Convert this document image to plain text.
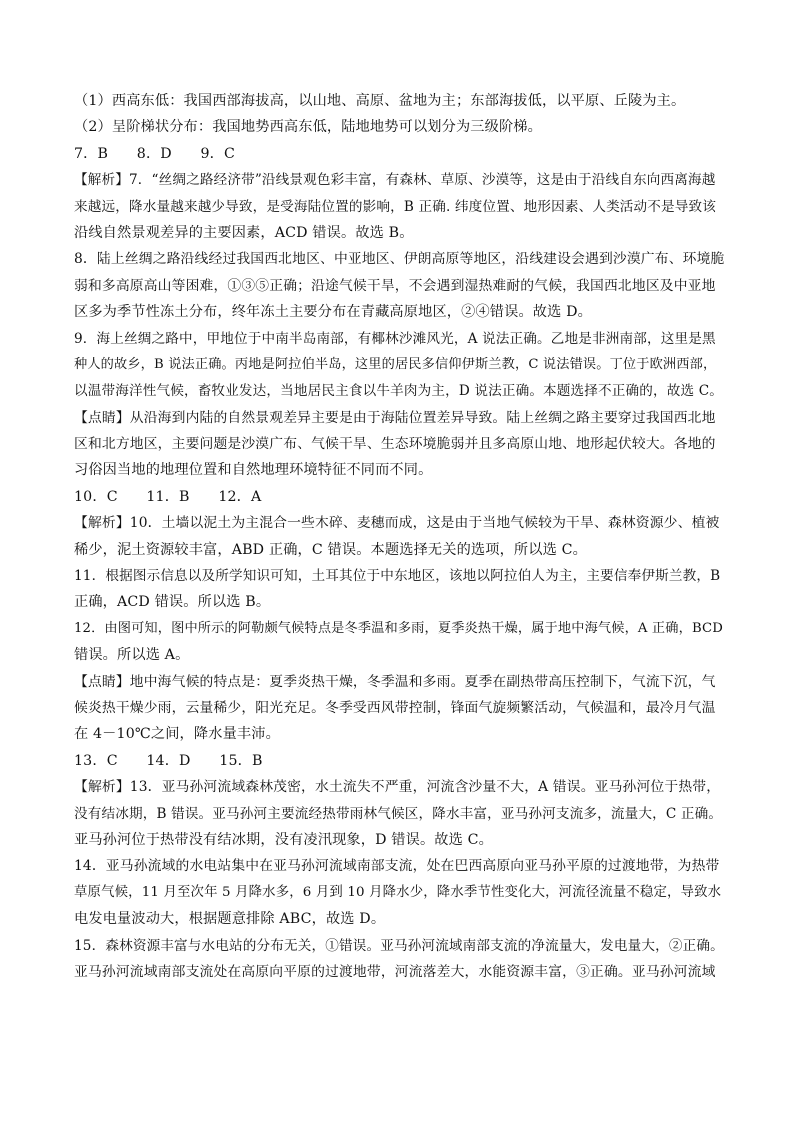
（1）西高东低：我国西部海拔高，以山地、高原、盆地为主；东部海拔低，以平原、丘陵为主。
（2）呈阶梯状分布：我国地势西高东低，陆地地势可以划分为三级阶梯。
7．B　　8．D　　9．C
【解析】7．“丝绸之路经济带”沿线景观色彩丰富，有森林、草原、沙漠等，这是由于沿线自东向西离海越
来越远，降水量越来越少导致，是受海陆位置的影响，B 正确. 纬度位置、地形因素、人类活动不是导致该
沿线自然景观差异的主要因素，ACD 错误。故选 B。
8．陆上丝绸之路沿线经过我国西北地区、中亚地区、伊朗高原等地区，沿线建设会遇到沙漠广布、环境脆
弱和多高原高山等困难，①③⑤正确；沿途气候干旱，不会遇到湿热难耐的气候，我国西北地区及中亚地
区多为季节性冻土分布，终年冻土主要分布在青藏高原地区，②④错误。故选 D。
9．海上丝绸之路中，甲地位于中南半岛南部，有椰林沙滩风光，A 说法正确。乙地是非洲南部，这里是黑
种人的故乡，B 说法正确。丙地是阿拉伯半岛，这里的居民多信仰伊斯兰教，C 说法错误。丁位于欧洲西部，
以温带海洋性气候，畜牧业发达，当地居民主食以牛羊肉为主，D 说法正确。本题选择不正确的，故选 C。
【点睛】从沿海到内陆的自然景观差异主要是由于海陆位置差异导致。陆上丝绸之路主要穿过我国西北地
区和北方地区，主要问题是沙漠广布、气候干旱、生态环境脆弱并且多高原山地、地形起伏较大。各地的
习俗因当地的地理位置和自然地理环境特征不同而不同。
10．C　　11．B　　12．A
【解析】10．土墙以泥土为主混合一些木碎、麦穗而成，这是由于当地气候较为干旱、森林资源少、植被
稀少，泥土资源较丰富，ABD 正确，C 错误。本题选择无关的选项，所以选 C。
11．根据图示信息以及所学知识可知，土耳其位于中东地区，该地以阿拉伯人为主，主要信奉伊斯兰教，B
正确，ACD 错误。所以选 B。
12．由图可知，图中所示的阿勒颇气候特点是冬季温和多雨，夏季炎热干燥，属于地中海气候，A 正确，BCD
错误。所以选 A。
【点睛】地中海气候的特点是：夏季炎热干燥，冬季温和多雨。夏季在副热带高压控制下，气流下沉，气
候炎热干燥少雨，云量稀少，阳光充足。冬季受西风带控制，锋面气旋频繁活动，气候温和，最冷月气温
在 4－10℃之间，降水量丰沛。
13．C　　14．D　　15．B
【解析】13．亚马孙河流域森林茂密，水土流失不严重，河流含沙量不大，A 错误。亚马孙河位于热带，
没有结冰期，B 错误。亚马孙河主要流经热带雨林气候区，降水丰富，亚马孙河支流多，流量大，C 正确。
亚马孙河位于热带没有结冰期，没有凌汛现象，D 错误。故选 C。
14．亚马孙流域的水电站集中在亚马孙河流域南部支流，处在巴西高原向亚马孙平原的过渡地带，为热带
草原气候，11 月至次年 5 月降水多，6 月到 10 月降水少，降水季节性变化大，河流径流量不稳定，导致水
电发电量波动大，根据题意排除 ABC，故选 D。
15．森林资源丰富与水电站的分布无关，①错误。亚马孙河流域南部支流的净流量大，发电量大，②正确。
亚马孙河流域南部支流处在高原向平原的过渡地带，河流落差大，水能资源丰富，③正确。亚马孙河流域
